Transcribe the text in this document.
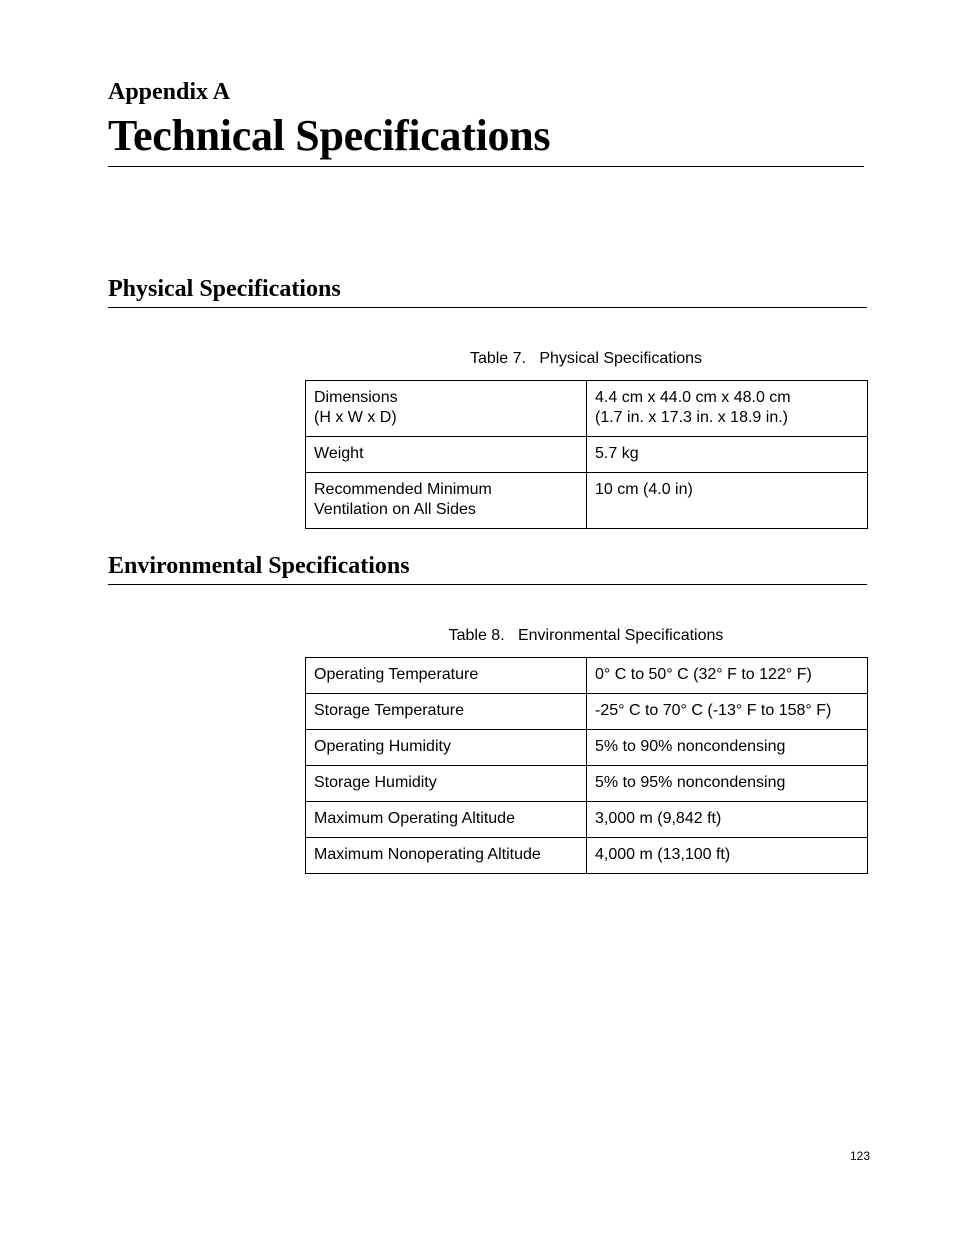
Appendix A
Technical Specifications
Physical Specifications
Table 7.   Physical Specifications
Dimensions
(H x W x D)	4.4 cm x 44.0 cm x 48.0 cm
(1.7 in. x 17.3 in. x 18.9 in.)
Weight	5.7 kg
Recommended Minimum
Ventilation on All Sides	10 cm (4.0 in)
Environmental Specifications
Table 8.   Environmental Specifications
Operating Temperature	0° C to 50° C (32° F to 122° F)
Storage Temperature	-25° C to 70° C (-13° F to 158° F)
Operating Humidity	5% to 90% noncondensing
Storage Humidity	5% to 95% noncondensing
Maximum Operating Altitude	3,000 m (9,842 ft)
Maximum Nonoperating Altitude	4,000 m (13,100 ft)
123
